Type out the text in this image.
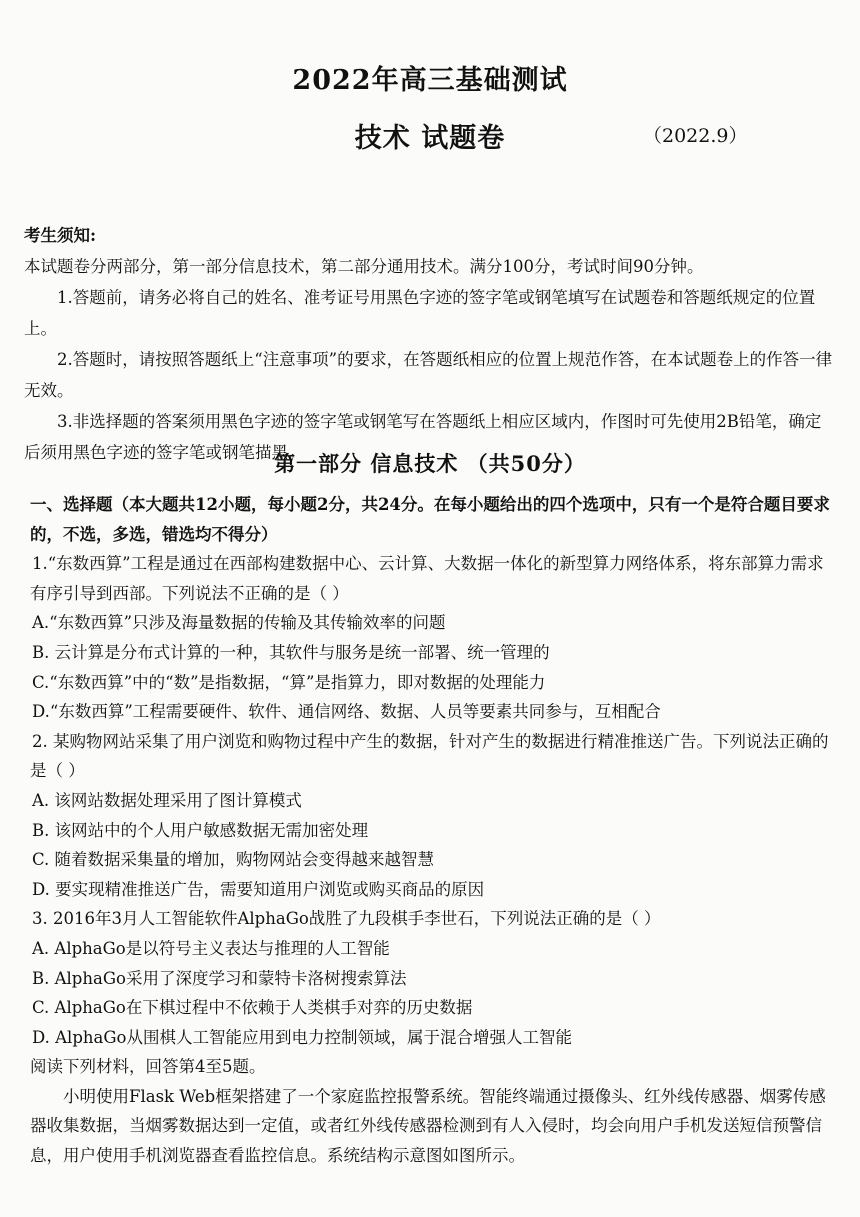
2022年高三基础测试
技术 试题卷	（2022.9）

考生须知:

本试题卷分两部分，第一部分信息技术，第二部分通用技术。满分100分，考试时间90分钟。

1.答题前，请务必将自己的姓名、准考证号用黑色字迹的签字笔或钢笔填写在试题卷和答题纸规定的位置上。

2.答题时，请按照答题纸上“注意事项”的要求，在答题纸相应的位置上规范作答，在本试题卷上的作答一律无效。

3.非选择题的答案须用黑色字迹的签字笔或钢笔写在答题纸上相应区域内，作图时可先使用2B铅笔，确定后须用黑色字迹的签字笔或钢笔描黑。

第一部分 信息技术 （共50分）

一、选择题（本大题共12小题，每小题2分，共24分。在每小题给出的四个选项中，只有一个是符合题目要求的，不选，多选，错选均不得分）

1.“东数西算”工程是通过在西部构建数据中心、云计算、大数据一体化的新型算力网络体系，将东部算力需求有序引导到西部。下列说法不正确的是（ ）

A.“东数西算”只涉及海量数据的传输及其传输效率的问题

B. 云计算是分布式计算的一种，其软件与服务是统一部署、统一管理的

C.“东数西算”中的“数”是指数据，“算”是指算力，即对数据的处理能力

D.“东数西算”工程需要硬件、软件、通信网络、数据、人员等要素共同参与，互相配合

2. 某购物网站采集了用户浏览和购物过程中产生的数据，针对产生的数据进行精准推送广告。下列说法正确的是（ ）

A. 该网站数据处理采用了图计算模式

B. 该网站中的个人用户敏感数据无需加密处理

C. 随着数据采集量的增加，购物网站会变得越来越智慧

D. 要实现精准推送广告，需要知道用户浏览或购买商品的原因

3. 2016年3月人工智能软件AlphaGo战胜了九段棋手李世石，下列说法正确的是（ ）

A. AlphaGo是以符号主义表达与推理的人工智能

B. AlphaGo采用了深度学习和蒙特卡洛树搜索算法

C. AlphaGo在下棋过程中不依赖于人类棋手对弈的历史数据

D. AlphaGo从围棋人工智能应用到电力控制领域，属于混合增强人工智能

阅读下列材料，回答第4至5题。

小明使用Flask Web框架搭建了一个家庭监控报警系统。智能终端通过摄像头、红外线传感器、烟雾传感器收集数据，当烟雾数据达到一定值，或者红外线传感器检测到有人入侵时，均会向用户手机发送短信预警信息，用户使用手机浏览器查看监控信息。系统结构示意图如图所示。
